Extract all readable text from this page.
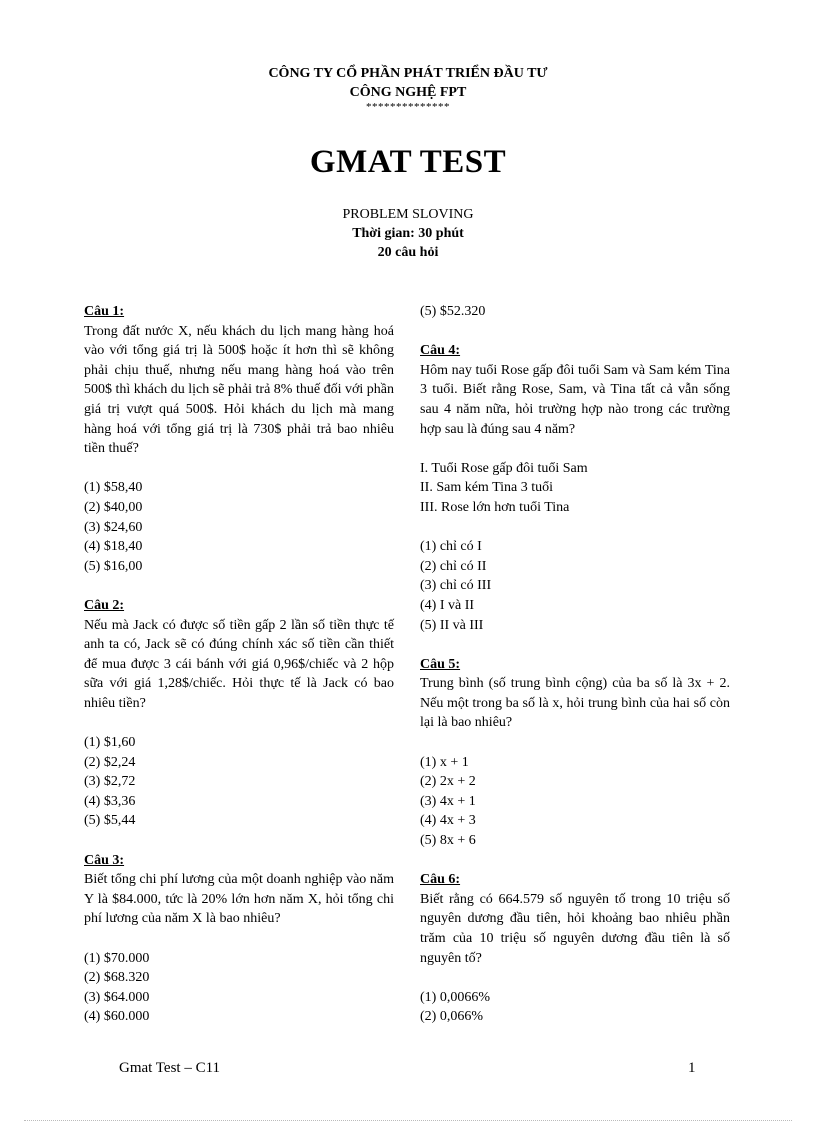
CÔNG TY CỔ PHẦN PHÁT TRIỂN ĐẦU TƯ
CÔNG NGHỆ FPT
**************
GMAT TEST
PROBLEM SLOVING
Thời gian: 30 phút
20 câu hỏi
Câu 1:
Trong đất nước X, nếu khách du lịch mang hàng hoá vào với tổng giá trị là 500$ hoặc ít hơn thì sẽ không phải chịu thuế, nhưng nếu mang hàng hoá vào trên 500$ thì khách du lịch sẽ phải trả 8% thuế đối với phần giá trị vượt quá 500$. Hỏi khách du lịch mà mang hàng hoá với tổng giá trị là 730$ phải trả bao nhiêu tiền thuế?
(1) $58,40
(2) $40,00
(3) $24,60
(4) $18,40
(5) $16,00
Câu 2:
Nếu mà Jack có được số tiền gấp 2 lần số tiền thực tế anh ta có, Jack sẽ có đúng chính xác số tiền cần thiết để mua được 3 cái bánh với giá 0,96$/chiếc và 2 hộp sữa với giá 1,28$/chiếc. Hỏi thực tế là Jack có bao nhiêu tiền?
(1) $1,60
(2) $2,24
(3) $2,72
(4) $3,36
(5) $5,44
Câu 3:
Biết tổng chi phí lương của một doanh nghiệp vào năm Y là $84.000, tức là 20% lớn hơn năm X, hỏi tổng chi phí lương của năm X là bao nhiêu?
(1) $70.000
(2) $68.320
(3) $64.000
(4) $60.000
(5) $52.320
Câu 4:
Hôm nay tuổi Rose gấp đôi tuổi Sam và Sam kém Tina 3 tuổi. Biết rằng Rose, Sam, và Tina tất cả vẫn sống sau 4 năm nữa, hỏi trường hợp nào trong các trường hợp sau là đúng sau 4 năm?
I. Tuổi Rose gấp đôi tuổi Sam
II. Sam kém Tina 3 tuổi
III. Rose lớn hơn tuổi Tina
(1) chỉ có I
(2) chỉ có II
(3) chỉ có III
(4) I và II
(5) II và III
Câu 5:
Trung bình (số trung bình cộng) của ba số là 3x + 2. Nếu một trong ba số là x, hỏi trung bình của hai số còn lại là bao nhiêu?
(1) x + 1
(2) 2x + 2
(3) 4x + 1
(4) 4x + 3
(5) 8x + 6
Câu 6:
Biết rằng có 664.579 số nguyên tố trong 10 triệu số nguyên dương đầu tiên, hỏi khoảng bao nhiêu phần trăm của 10 triệu số nguyên dương đầu tiên là số nguyên tố?
(1) 0,0066%
(2) 0,066%
Gmat Test – C11	1
